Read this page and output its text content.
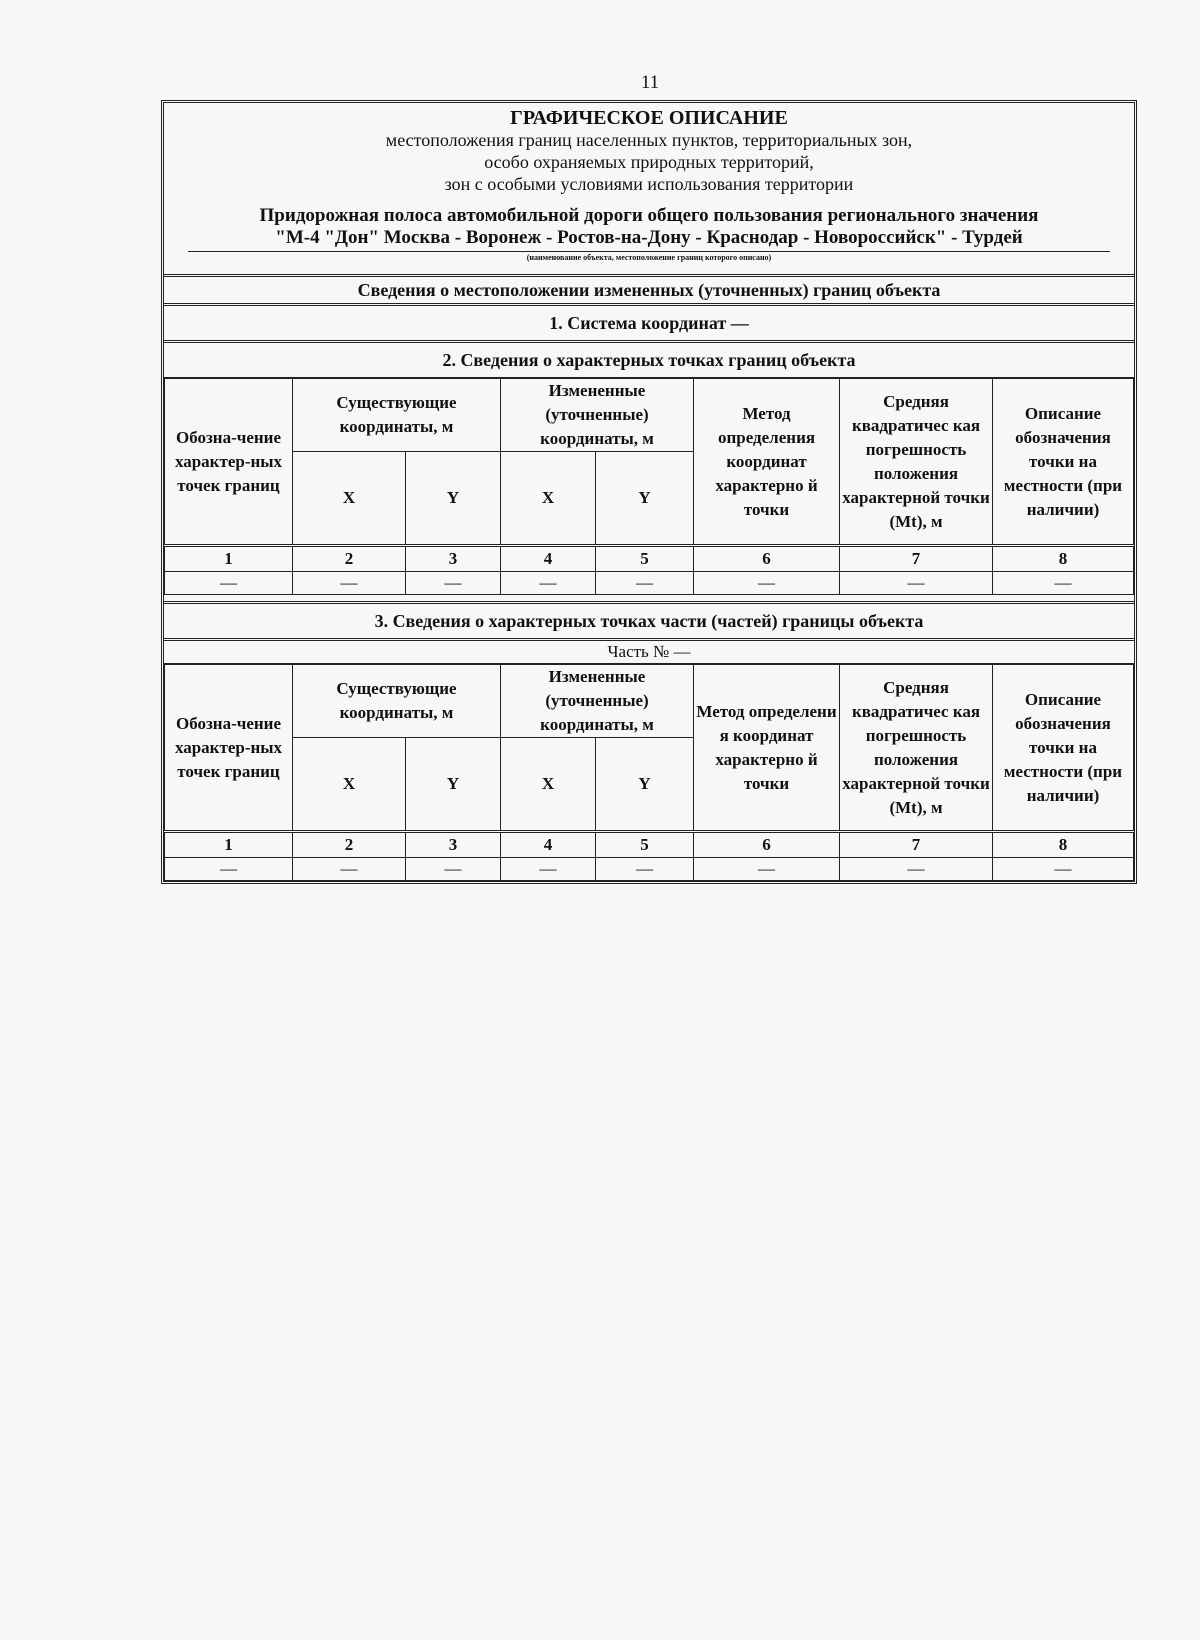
11
ГРАФИЧЕСКОЕ ОПИСАНИЕ
местоположения границ населенных пунктов, территориальных зон,
особо охраняемых природных территорий,
зон с особыми условиями использования территории
Придорожная полоса автомобильной дороги общего пользования регионального значения
"М-4 "Дон" Москва - Воронеж - Ростов-на-Дону - Краснодар - Новороссийск" - Турдей
(наименование объекта, местоположение границ которого описано)
Сведения о местоположении измененных (уточненных) границ объекта
1. Система координат —
2. Сведения о характерных точках границ объекта
Обозна-чение характер-ных точек границ	Существующие координаты, м		Измененные (уточненные) координаты, м		Метод определения координат характерно й точки	Средняя квадратичес кая погрешность положения характерной точки (Mt), м	Описание обозначения точки на местности (при наличии)
	X	Y	X	Y			
1	2	3	4	5	6	7	8
—	—	—	—	—	—	—	—
3. Сведения о характерных точках части (частей) границы объекта
Часть № —
Обозна-чение характер-ных точек границ	Существующие координаты, м		Измененные (уточненные) координаты, м		Метод определени я координат характерно й точки	Средняя квадратичес кая погрешность положения характерной точки (Mt), м	Описание обозначения точки на местности (при наличии)
	X	Y	X	Y			
1	2	3	4	5	6	7	8
—	—	—	—	—	—	—	—
